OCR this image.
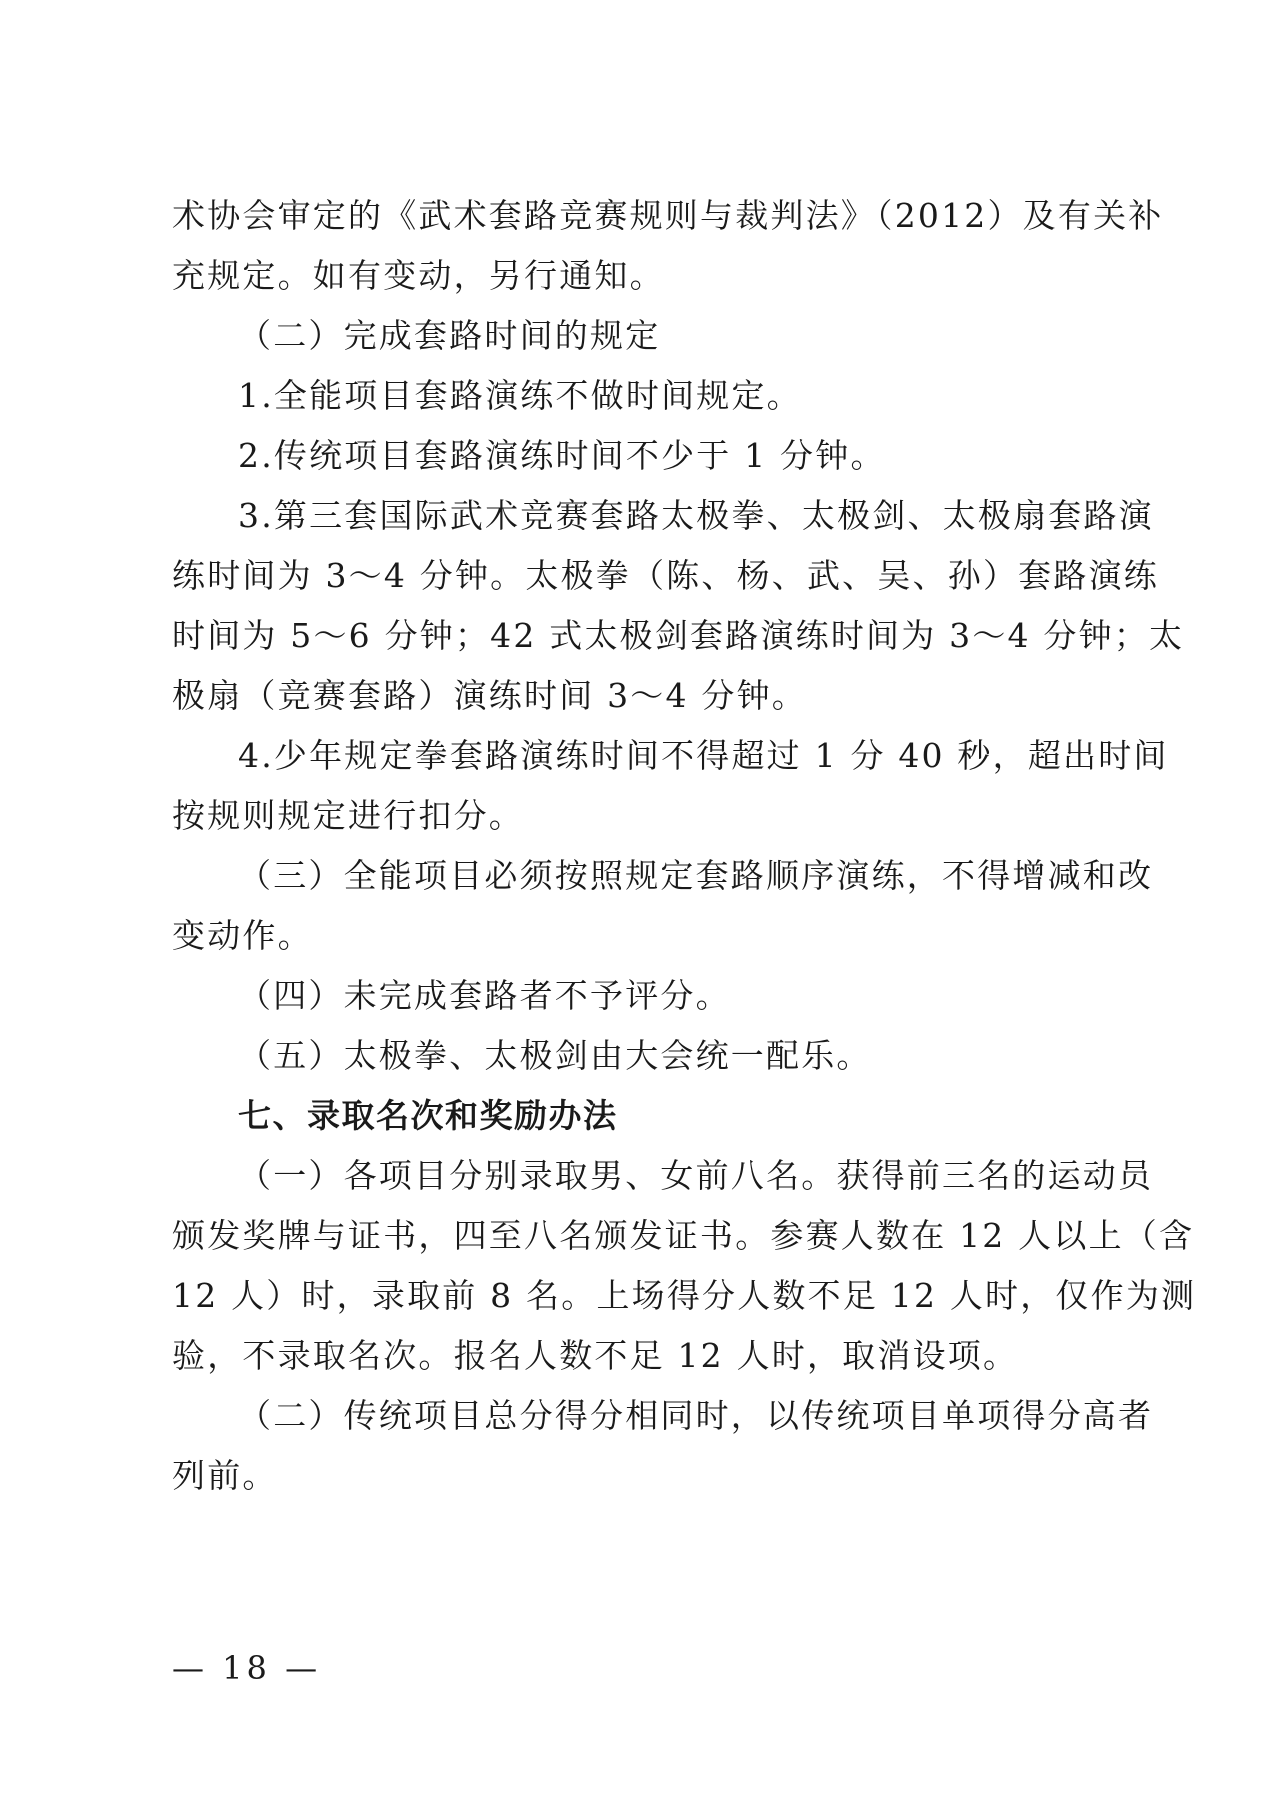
术协会审定的《武术套路竞赛规则与裁判法》（2012）及有关补
充规定。如有变动，另行通知。
（二）完成套路时间的规定
1.全能项目套路演练不做时间规定。
2.传统项目套路演练时间不少于 1 分钟。
3.第三套国际武术竞赛套路太极拳、太极剑、太极扇套路演
练时间为 3～4 分钟。太极拳（陈、杨、武、吴、孙）套路演练
时间为 5～6 分钟；42 式太极剑套路演练时间为 3～4 分钟；太
极扇（竞赛套路）演练时间 3～4 分钟。
4.少年规定拳套路演练时间不得超过 1 分 40 秒，超出时间
按规则规定进行扣分。
（三）全能项目必须按照规定套路顺序演练，不得增减和改
变动作。
（四）未完成套路者不予评分。
（五）太极拳、太极剑由大会统一配乐。
七、录取名次和奖励办法
（一）各项目分别录取男、女前八名。获得前三名的运动员
颁发奖牌与证书，四至八名颁发证书。参赛人数在 12 人以上（含
12 人）时，录取前 8 名。上场得分人数不足 12 人时，仅作为测
验，不录取名次。报名人数不足 12 人时，取消设项。
（二）传统项目总分得分相同时，以传统项目单项得分高者
列前。
— 18 —
